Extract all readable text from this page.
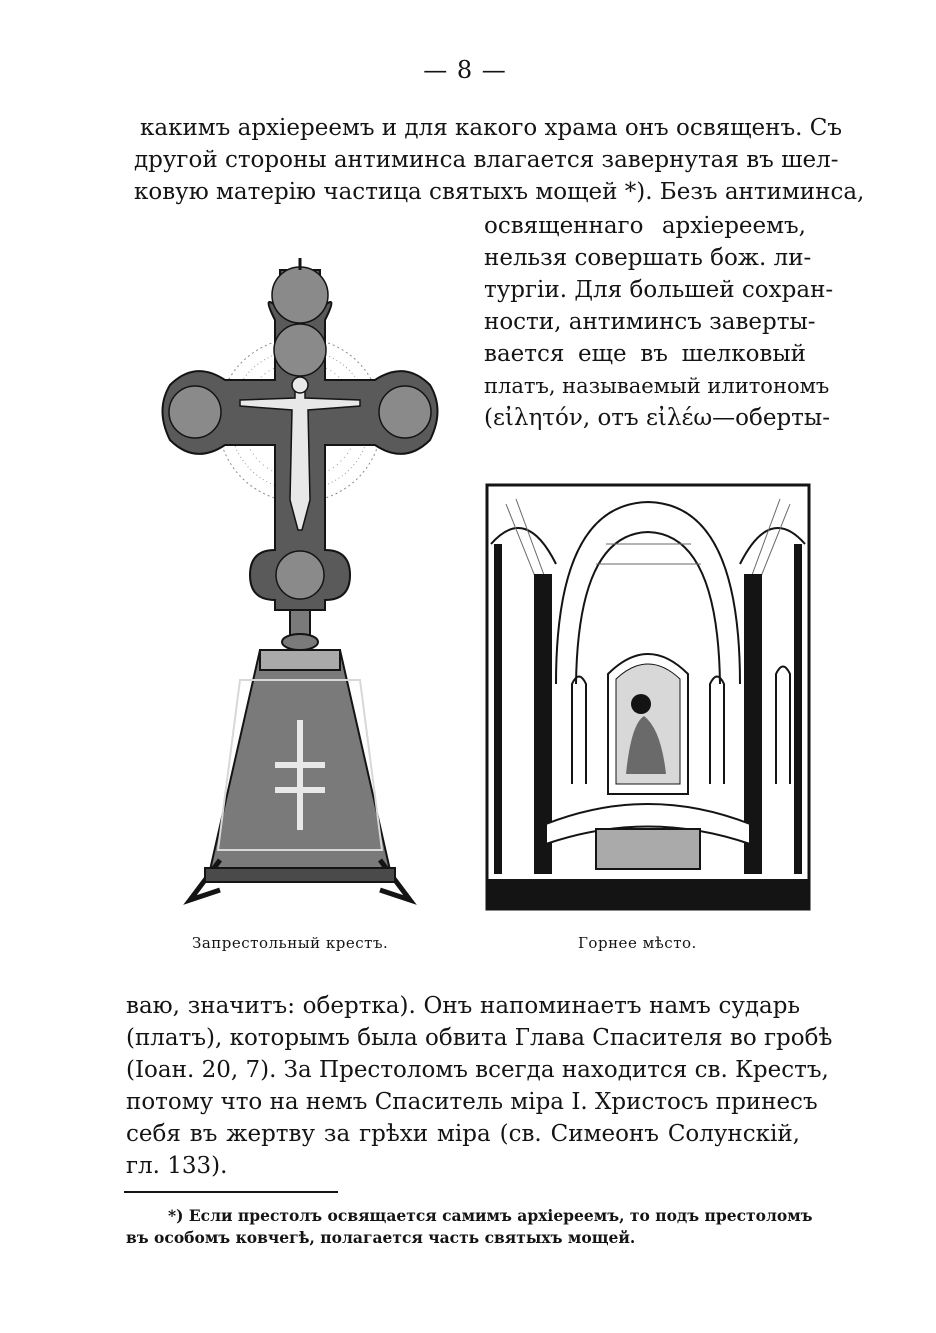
— 8 —
какимъ архіереемъ и для какого храма онъ освященъ. Съ
другой стороны антиминса влагается завернутая въ шел-
ковую матерію частица святыхъ мощей *). Безъ антиминса,
освященнаго архіереемъ,
нельзя совершать бож. ли-
тургіи. Для большей сохран-
ности, антиминсъ заверты-
вается еще въ шелковый
платъ, называемый илитономъ
(εἰλητόν, отъ εἰλέω—оберты-
Запрестольный крестъ.	Горнее мѣсто.
ваю, значитъ: обертка). Онъ напоминаетъ намъ сударь
(платъ), которымъ была обвита Глава Спасителя во гробѣ
(Іоан. 20, 7). За Престоломъ всегда находится св. Крестъ,
потому что на немъ Спаситель міра І. Христосъ принесъ
себя въ жертву за грѣхи міра (св. Симеонъ Солунскій,
гл. 133).
*) Если престолъ освящается самимъ архіереемъ, то подъ престоломъ
въ особомъ ковчегѣ, полагается часть святыхъ мощей.
